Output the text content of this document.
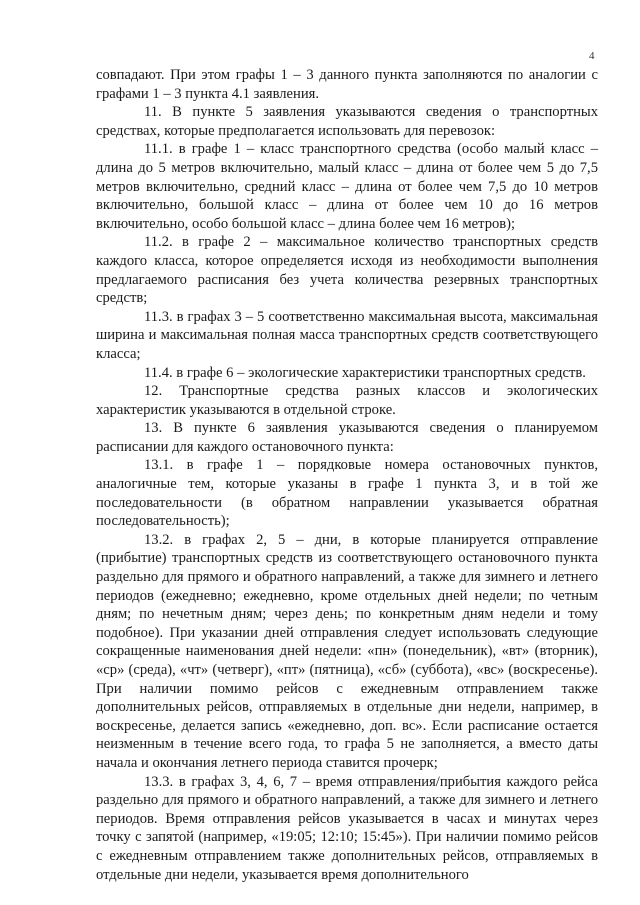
4

совпадают. При этом графы 1 – 3 данного пункта заполняются по аналогии с графами 1 – 3 пункта 4.1 заявления.

11. В пункте 5 заявления указываются сведения о транспортных средствах, которые предполагается использовать для перевозок:

11.1. в графе 1 – класс транспортного средства (особо малый класс – длина до 5 метров включительно, малый класс – длина от более чем 5 до 7,5 метров включительно, средний класс – длина от более чем 7,5 до 10 метров включительно, большой класс – длина от более чем 10 до 16 метров включительно, особо большой класс – длина более чем 16 метров);

11.2. в графе 2 – максимальное количество транспортных средств каждого класса, которое определяется исходя из необходимости выполнения предлагаемого расписания без учета количества резервных транспортных средств;

11.3. в графах 3 – 5 соответственно максимальная высота, максимальная ширина и максимальная полная масса транспортных средств соответствующего класса;

11.4. в графе 6 – экологические характеристики транспортных средств.

12. Транспортные средства разных классов и экологических характеристик указываются в отдельной строке.

13. В пункте 6 заявления указываются сведения о планируемом расписании для каждого остановочного пункта:

13.1. в графе 1 – порядковые номера остановочных пунктов, аналогичные тем, которые указаны в графе 1 пункта 3, и в той же последовательности (в обратном направлении указывается обратная последовательность);

13.2. в графах 2, 5 – дни, в которые планируется отправление (прибытие) транспортных средств из соответствующего остановочного пункта раздельно для прямого и обратного направлений, а также для зимнего и летнего периодов (ежедневно; ежедневно, кроме отдельных дней недели; по четным дням; по нечетным дням; через день; по конкретным дням недели и тому подобное). При указании дней отправления следует использовать следующие сокращенные наименования дней недели: «пн» (понедельник), «вт» (вторник), «ср» (среда), «чт» (четверг), «пт» (пятница), «сб» (суббота), «вс» (воскресенье). При наличии помимо рейсов с ежедневным отправлением также дополнительных рейсов, отправляемых в отдельные дни недели, например, в воскресенье, делается запись «ежедневно, доп. вс». Если расписание остается неизменным в течение всего года, то графа 5 не заполняется, а вместо даты начала и окончания летнего периода ставится прочерк;

13.3. в графах 3, 4, 6, 7 – время отправления/прибытия каждого рейса раздельно для прямого и обратного направлений, а также для зимнего и летнего периодов. Время отправления рейсов указывается в часах и минутах через точку с запятой (например, «19:05; 12:10; 15:45»). При наличии помимо рейсов с ежедневным отправлением также дополнительных рейсов, отправляемых в отдельные дни недели, указывается время дополнительного
